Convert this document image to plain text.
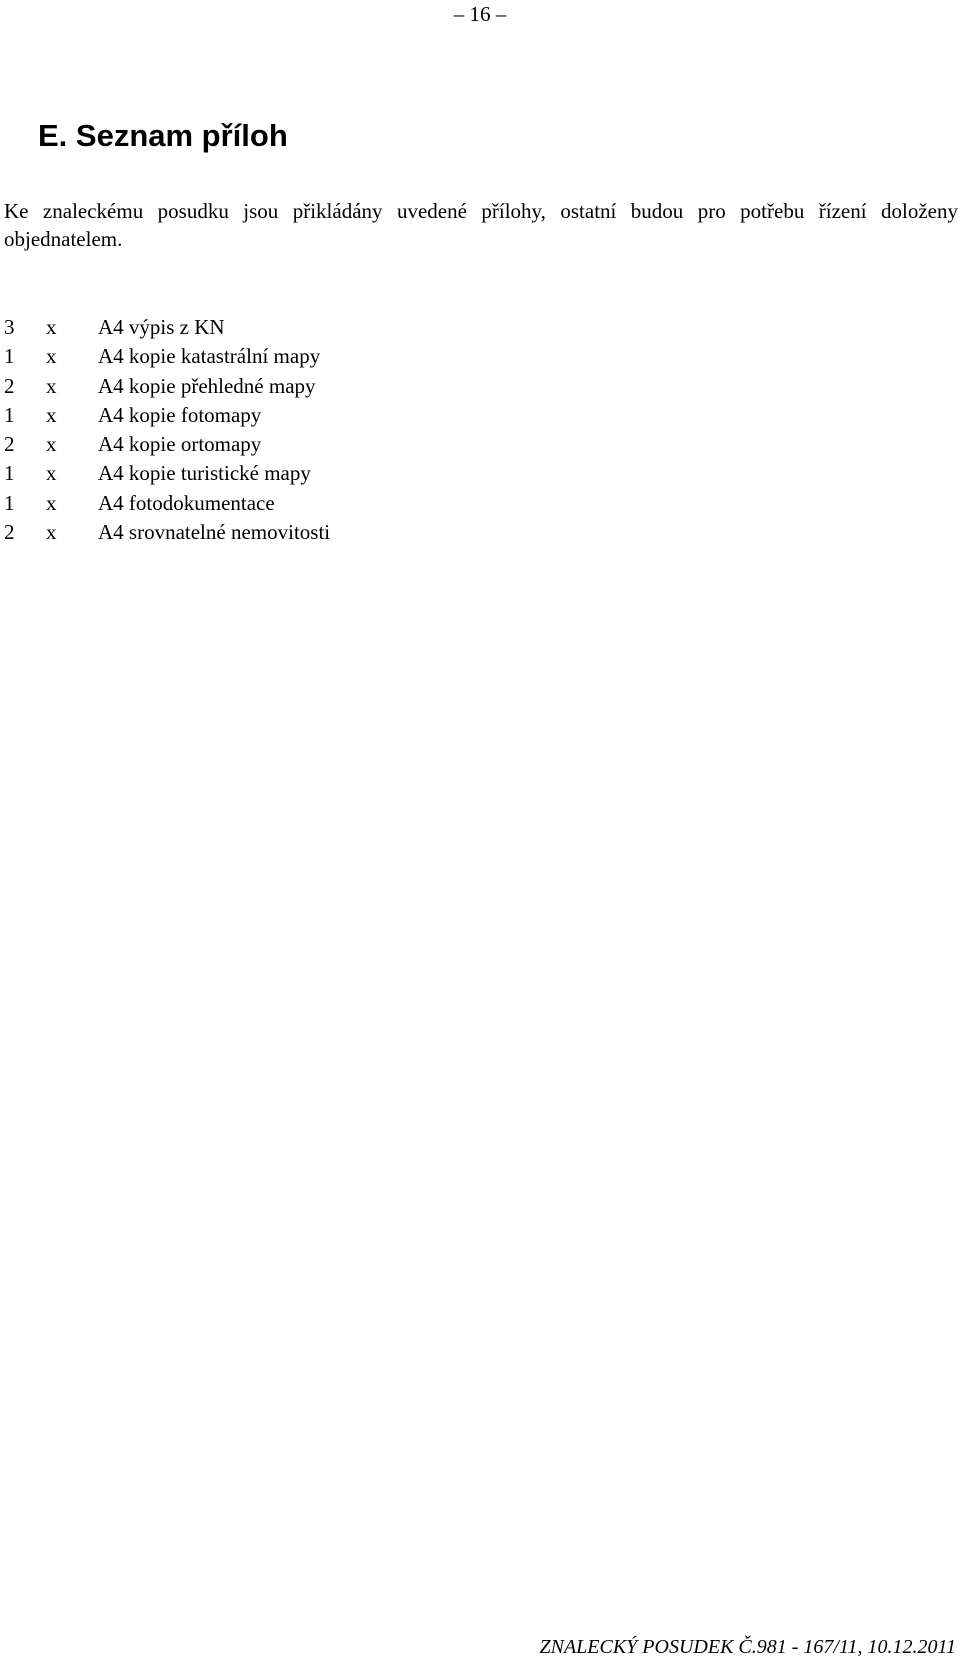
– 16 –
E. Seznam příloh

Ke znaleckému posudku jsou přikládány uvedené přílohy, ostatní budou pro potřebu řízení doloženy objednatelem.

3	x	A4 výpis z KN
1	x	A4 kopie katastrální mapy
2	x	A4 kopie přehledné mapy
1	x	A4 kopie fotomapy
2	x	A4 kopie ortomapy
1	x	A4 kopie turistické mapy
1	x	A4 fotodokumentace
2	x	A4 srovnatelné nemovitosti
ZNALECKÝ POSUDEK Č.981 - 167/11, 10.12.2011
